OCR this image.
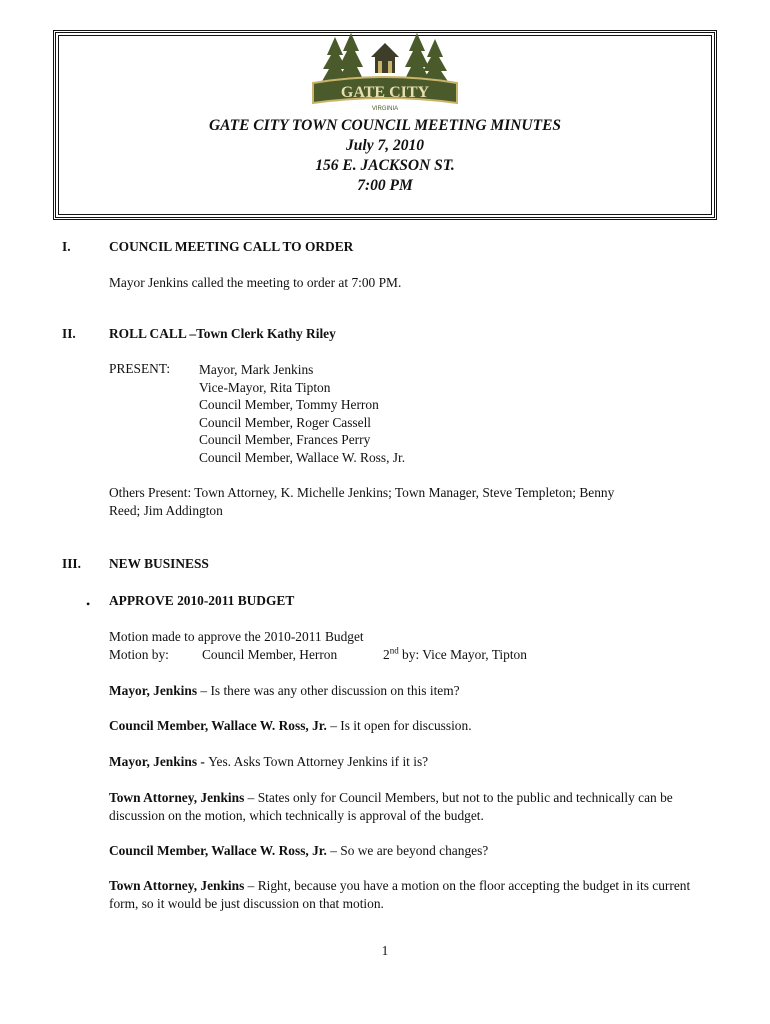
GATE CITY
VIRGINIA
GATE CITY TOWN COUNCIL MEETING MINUTES
July 7, 2010
156 E. JACKSON ST.
7:00 PM
I.	COUNCIL MEETING CALL TO ORDER
Mayor Jenkins called the meeting to order at 7:00 PM.
II. ROLL CALL –Town Clerk Kathy Riley
PRESENT: Mayor, Mark Jenkins
Vice-Mayor, Rita Tipton
Council Member, Tommy Herron
Council Member, Roger Cassell
Council Member, Frances Perry
Council Member, Wallace W. Ross, Jr.
Others Present: Town Attorney, K. Michelle Jenkins; Town Manager, Steve Templeton; Benny
Reed; Jim Addington
III. NEW BUSINESS
• APPROVE 2010-2011 BUDGET
Motion made to approve the 2010-2011 Budget
Motion by:	Council Member, Herron	2nd by: Vice Mayor, Tipton
Mayor, Jenkins – Is there was any other discussion on this item?
Council Member, Wallace W. Ross, Jr. – Is it open for discussion.
Mayor, Jenkins - Yes. Asks Town Attorney Jenkins if it is?
Town Attorney, Jenkins – States only for Council Members, but not to the public and technically can be discussion on the motion, which technically is approval of the budget.
Council Member, Wallace W. Ross, Jr. – So we are beyond changes?
Town Attorney, Jenkins – Right, because you have a motion on the floor accepting the budget in its current form, so it would be just discussion on that motion.
1
